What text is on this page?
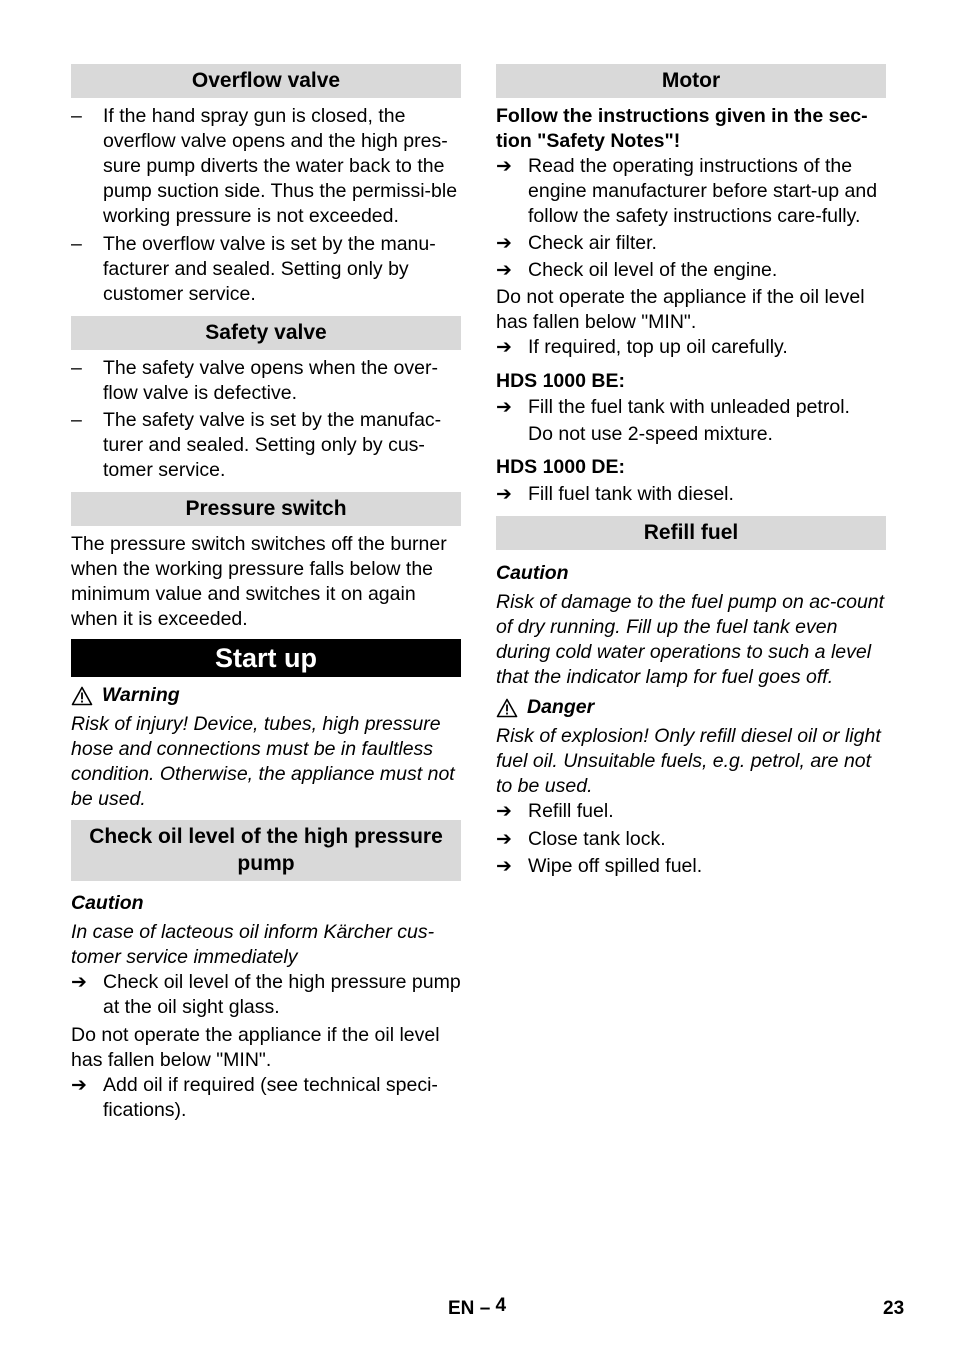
Overflow valve

– If the hand spray gun is closed, the overflow valve opens and the high pres-sure pump diverts the water back to the pump suction side. Thus the permissi-ble working pressure is not exceeded.

– The overflow valve is set by the manu-facturer and sealed. Setting only by customer service.

Safety valve

– The safety valve opens when the over-flow valve is defective.

– The safety valve is set by the manufac-turer and sealed. Setting only by cus-tomer service.

Pressure switch

The pressure switch switches off the burner when the working pressure falls below the minimum value and switches it on again when it is exceeded.

Start up
Warning

Risk of injury! Device, tubes, high pressure hose and connections must be in faultless condition. Otherwise, the appliance must not be used.

Check oil level of the high pressure pump

Caution

In case of lacteous oil inform Kärcher cus-tomer service immediately

➔ Check oil level of the high pressure pump at the oil sight glass.

Do not operate the appliance if the oil level has fallen below "MIN".

➔ Add oil if required (see technical speci-fications).

Motor

Follow the instructions given in the sec-tion "Safety Notes"!

➔ Read the operating instructions of the engine manufacturer before start-up and follow the safety instructions care-fully.

➔ Check air filter.

➔ Check oil level of the engine.

Do not operate the appliance if the oil level has fallen below "MIN".

➔ If required, top up oil carefully.

HDS 1000 BE:

➔ Fill the fuel tank with unleaded petrol.

Do not use 2-speed mixture.

HDS 1000 DE:

➔ Fill fuel tank with diesel.

Refill fuel

Caution

Risk of damage to the fuel pump on ac-count of dry running. Fill up the fuel tank even during cold water operations to such a level that the indicator lamp for fuel goes off.

Danger

Risk of explosion! Only refill diesel oil or light fuel oil. Unsuitable fuels, e.g. petrol, are not to be used.

➔ Refill fuel.

➔ Close tank lock.

➔ Wipe off spilled fuel.

EN – 4	23
